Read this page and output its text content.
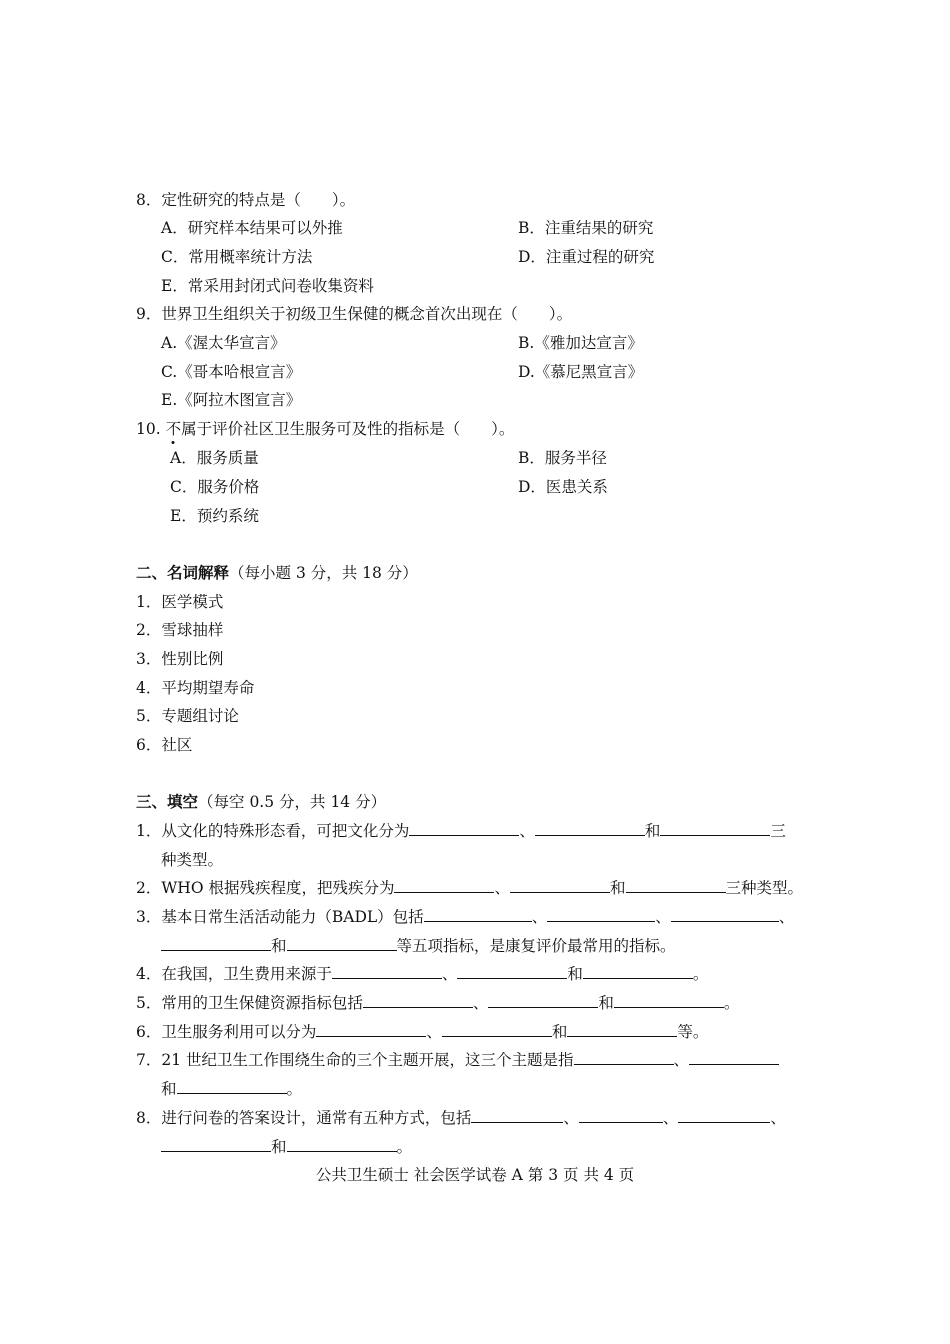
8．定性研究的特点是（　　）。
A．研究样本结果可以外推	B．注重结果的研究
C．常用概率统计方法	D．注重过程的研究
E．常采用封闭式问卷收集资料
9．世界卫生组织关于初级卫生保健的概念首次出现在（　　）。
A.《渥太华宣言》	B.《雅加达宣言》
C.《哥本哈根宣言》	D.《慕尼黑宣言》
E.《阿拉木图宣言》
10. 不属于评价社区卫生服务可及性的指标是（　　）。
A．服务质量	B．服务半径
C．服务价格	D．医患关系
E．预约系统
二、名词解释（每小题 3 分，共 18 分）
1．医学模式
2．雪球抽样
3．性别比例
4．平均期望寿命
5．专题组讨论
6．社区
三、填空（每空 0.5 分，共 14 分）
1．从文化的特殊形态看，可把文化分为	、	和	三
种类型。
2．WHO 根据残疾程度，把残疾分为	、	和	三种类型。
3．基本日常生活活动能力（BADL）包括	、	、	、
和	等五项指标，是康复评价最常用的指标。
4．在我国，卫生费用来源于	、	和	。
5．常用的卫生保健资源指标包括	、	和	。
6．卫生服务利用可以分为	、	和	等。
7．21 世纪卫生工作围绕生命的三个主题开展，这三个主题是指	、
和	。
8．进行问卷的答案设计，通常有五种方式，包括	、	、	、
和	。
公共卫生硕士 社会医学试卷 A 第 3 页 共 4 页
